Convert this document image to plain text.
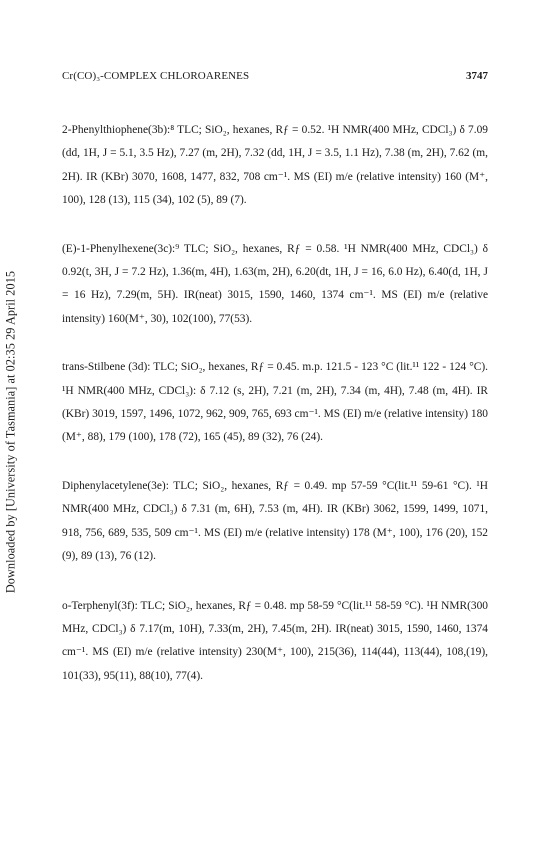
Downloaded by [University of Tasmania] at 02:35 29 April 2015
Cr(CO)₃-COMPLEX CHLOROARENES	3747

2-Phenylthiophene(3b):⁸ TLC; SiO₂, hexanes, Rƒ = 0.52. ¹H NMR(400 MHz, CDCl₃) δ 7.09 (dd, 1H, J = 5.1, 3.5 Hz), 7.27 (m, 2H), 7.32 (dd, 1H, J = 3.5, 1.1 Hz), 7.38 (m, 2H), 7.62 (m, 2H). IR (KBr) 3070, 1608, 1477, 832, 708 cm⁻¹. MS (EI) m/e (relative intensity) 160 (M⁺, 100), 128 (13), 115 (34), 102 (5), 89 (7).

(E)-1-Phenylhexene(3c):⁹ TLC; SiO₂, hexanes, Rƒ = 0.58. ¹H NMR(400 MHz, CDCl₃) δ 0.92(t, 3H, J = 7.2 Hz), 1.36(m, 4H), 1.63(m, 2H), 6.20(dt, 1H, J = 16, 6.0 Hz), 6.40(d, 1H, J = 16 Hz), 7.29(m, 5H). IR(neat) 3015, 1590, 1460, 1374 cm⁻¹. MS (EI) m/e (relative intensity) 160(M⁺, 30), 102(100), 77(53).

trans-Stilbene (3d): TLC; SiO₂, hexanes, Rƒ = 0.45. m.p. 121.5 - 123 °C (lit.¹¹ 122 - 124 °C). ¹H NMR(400 MHz, CDCl₃): δ 7.12 (s, 2H), 7.21 (m, 2H), 7.34 (m, 4H), 7.48 (m, 4H). IR (KBr) 3019, 1597, 1496, 1072, 962, 909, 765, 693 cm⁻¹. MS (EI) m/e (relative intensity) 180 (M⁺, 88), 179 (100), 178 (72), 165 (45), 89 (32), 76 (24).

Diphenylacetylene(3e): TLC; SiO₂, hexanes, Rƒ = 0.49. mp 57-59 °C(lit.¹¹ 59-61 °C). ¹H NMR(400 MHz, CDCl₃) δ 7.31 (m, 6H), 7.53 (m, 4H). IR (KBr) 3062, 1599, 1499, 1071, 918, 756, 689, 535, 509 cm⁻¹. MS (EI) m/e (relative intensity) 178 (M⁺, 100), 176 (20), 152 (9), 89 (13), 76 (12).

o-Terphenyl(3f): TLC; SiO₂, hexanes, Rƒ = 0.48. mp 58-59 °C(lit.¹¹ 58-59 °C). ¹H NMR(300 MHz, CDCl₃) δ 7.17(m, 10H), 7.33(m, 2H), 7.45(m, 2H). IR(neat) 3015, 1590, 1460, 1374 cm⁻¹. MS (EI) m/e (relative intensity) 230(M⁺, 100), 215(36), 114(44), 113(44), 108,(19), 101(33), 95(11), 88(10), 77(4).
